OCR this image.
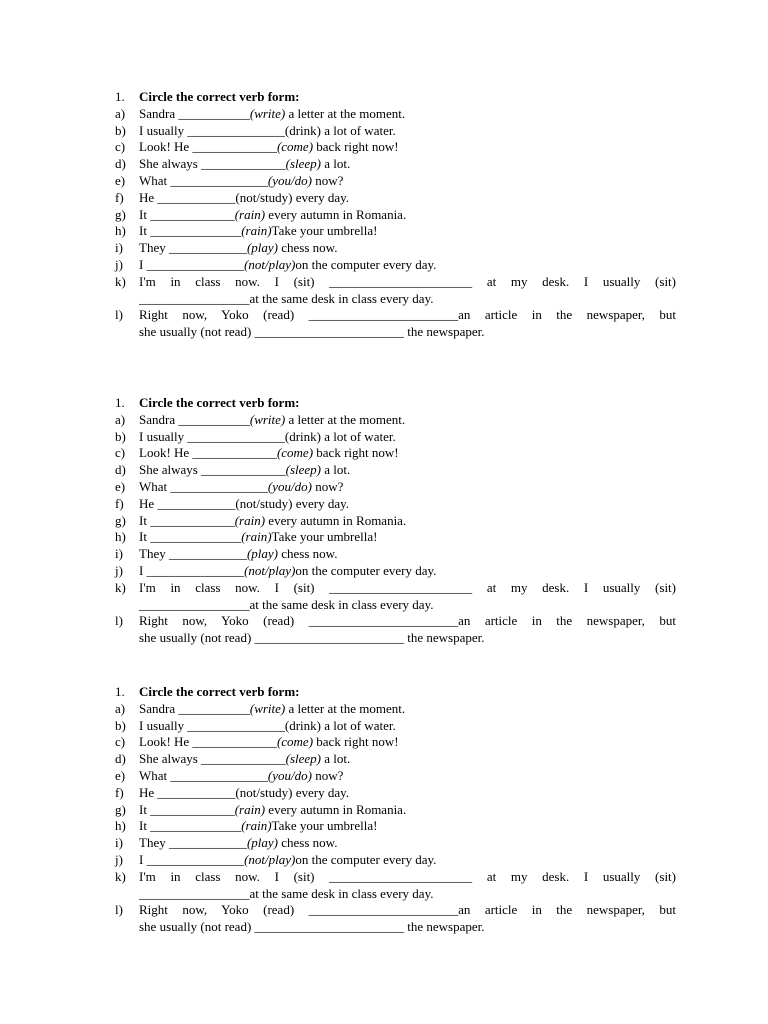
1.	Circle the correct verb form:
a)	Sandra ___________(write) a letter at the moment.
b)	I usually _______________(drink) a lot of water.
c)	Look! He _____________(come) back right now!
d)	She always _____________(sleep) a lot.
e)	What _______________(you/do) now?
f)	He ____________(not/study) every day.
g)	It _____________(rain) every autumn in Romania.
h)	It ______________(rain)Take your umbrella!
i)	They ____________(play) chess now.
j)	I _______________(not/play)on the computer every day.
k)	I'm in class now. I (sit) ______________________ at my desk. I usually (sit)
_________________at the same desk in class every day.
l)	Right now, Yoko (read) _______________________an article in the newspaper, but
she usually (not read) _______________________ the newspaper.
1.	Circle the correct verb form:
a)	Sandra ___________(write) a letter at the moment.
b)	I usually _______________(drink) a lot of water.
c)	Look! He _____________(come) back right now!
d)	She always _____________(sleep) a lot.
e)	What _______________(you/do) now?
f)	He ____________(not/study) every day.
g)	It _____________(rain) every autumn in Romania.
h)	It ______________(rain)Take your umbrella!
i)	They ____________(play) chess now.
j)	I _______________(not/play)on the computer every day.
k)	I'm in class now. I (sit) ______________________ at my desk. I usually (sit)
_________________at the same desk in class every day.
l)	Right now, Yoko (read) _______________________an article in the newspaper, but
she usually (not read) _______________________ the newspaper.
1.	Circle the correct verb form:
a)	Sandra ___________(write) a letter at the moment.
b)	I usually _______________(drink) a lot of water.
c)	Look! He _____________(come) back right now!
d)	She always _____________(sleep) a lot.
e)	What _______________(you/do) now?
f)	He ____________(not/study) every day.
g)	It _____________(rain) every autumn in Romania.
h)	It ______________(rain)Take your umbrella!
i)	They ____________(play) chess now.
j)	I _______________(not/play)on the computer every day.
k)	I'm in class now. I (sit) ______________________ at my desk. I usually (sit)
_________________at the same desk in class every day.
l)	Right now, Yoko (read) _______________________an article in the newspaper, but
she usually (not read) _______________________ the newspaper.
